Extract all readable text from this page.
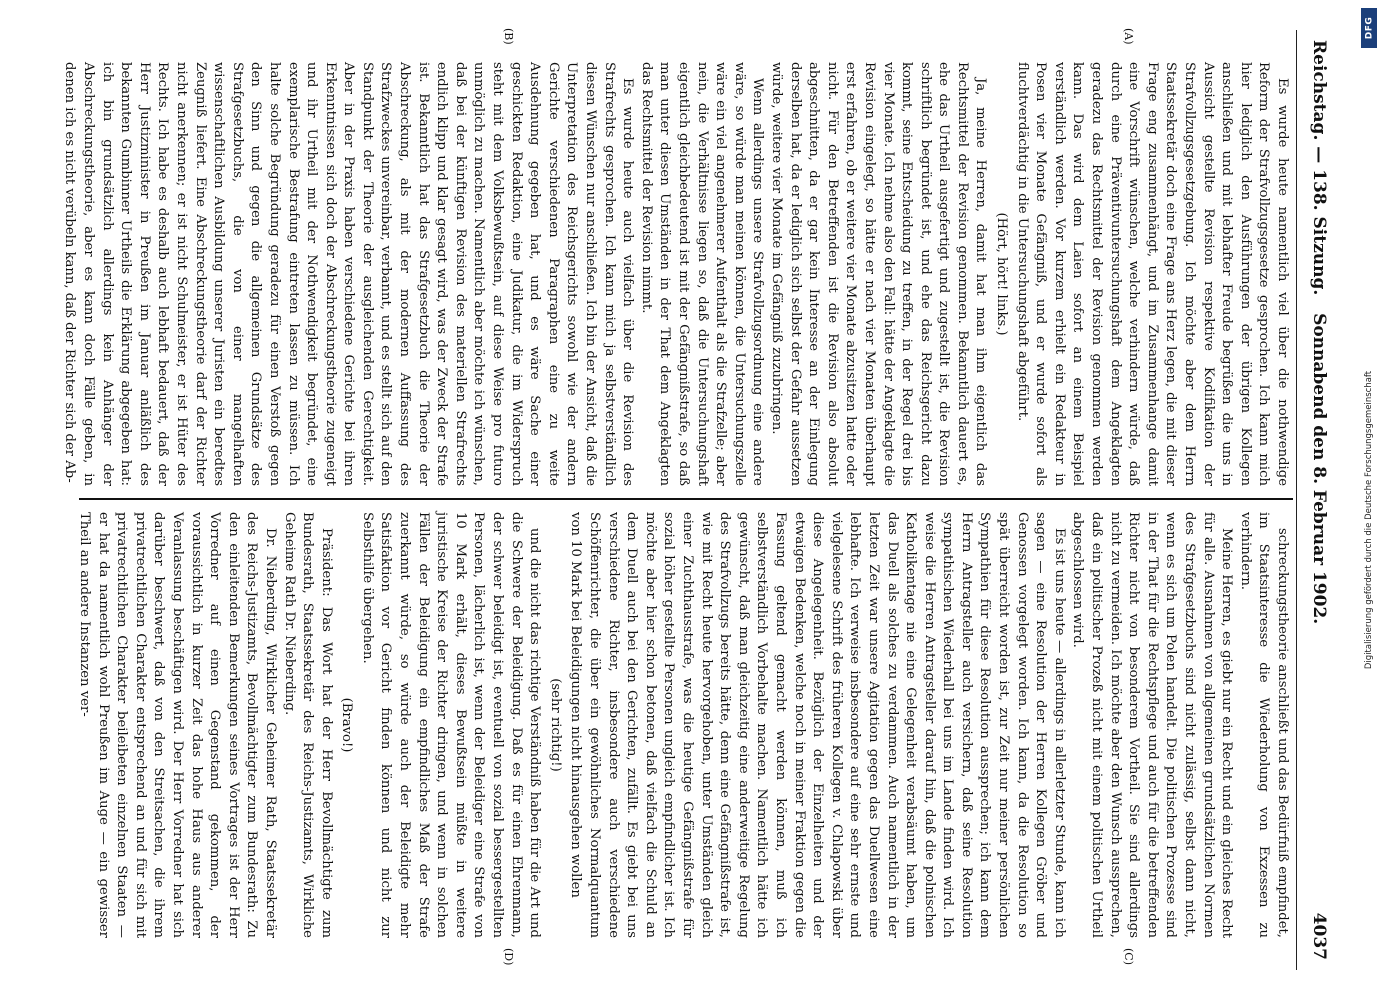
Reichstag. — 138. Sitzung.   Sonnabend den 8. Februar 1902.
4037
(A)
(B)
(C)
(D)

Es wurde heute namentlich viel über die nothwendige Reform der Strafvollzugsgesetze gesprochen. Ich kann mich hier lediglich den Ausführungen der übrigen Kollegen anschließen und mit lebhafter Freude begrüßen die uns in Aussicht gestellte Revision respektive Kodifikation der Strafvollzugsgesetzgebung. Ich möchte aber dem Herrn Staatssekretär doch eine Frage ans Herz legen, die mit dieser Frage eng zusammenhängt, und im Zusammenhange damit eine Vorschrift wünschen, welche verhindern würde, daß durch eine Präventivuntersuchungshaft dem Angeklagten geradezu das Rechtsmittel der Revision genommen werden kann. Das wird dem Laien sofort an einem Beispiel verständlich werden. Vor kurzem erhielt ein Redakteur in Posen vier Monate Gefängniß, und er wurde sofort als fluchtverdächtig in die Untersuchungshaft abgeführt.

(Hört, hört! links.)

Ja, meine Herren, damit hat man ihm eigentlich das Rechtsmittel der Revision genommen. Bekanntlich dauert es, ehe das Urtheil ausgefertigt und zugestellt ist, die Revision schriftlich begründet ist, und ehe das Reichsgericht dazu kommt, seine Entscheidung zu treffen, in der Regel drei bis vier Monate. Ich nehme also den Fall: hätte der Angeklagte die Revision eingelegt, so hätte er nach vier Monaten überhaupt erst erfahren, ob er weitere vier Monate abzusitzen hatte oder nicht. Für den Betreffenden ist die Revision also absolut abgeschnitten, da er gar kein Interesse an der Einlegung derselben hat, da er lediglich sich selbst der Gefahr aussetzen würde, weitere vier Monate im Gefängniß zuzubringen.

Wenn allerdings unsere Strafvollzugsordnung eine andere wäre, so würde man meinen können, die Untersuchungszelle wäre ein viel angenehmerer Aufenthalt als die Strafzelle; aber nein, die Verhältnisse liegen so, daß die Untersuchungshaft eigentlich gleichbedeutend ist mit der Gefängnißstrafe, so daß man unter diesen Umständen in der That dem Angeklagten das Rechtsmittel der Revision nimmt.

Es wurde heute auch vielfach über die Revision des Strafrechts gesprochen. Ich kann mich ja selbstverständlich diesen Wünschen nur anschließen. Ich bin der Ansicht, daß die Unterpretation des Reichsgerichts sowohl wie der andern Gerichte verschiedenen Paragraphen eine zu weite Ausdehnung gegeben hat, und es wäre Sache einer geschickten Redaktion, eine Judikatur, die im Widerspruch steht mit dem Volksbewußtsein, auf diese Weise pro futuro unmöglich zu machen. Namentlich aber möchte ich wünschen, daß bei der künftigen Revision des materiellen Strafrechts endlich klipp und klar gesagt wird, was der Zweck der Strafe ist. Bekanntlich hat das Strafgesetzbuch die Theorie der Abschreckung, als mit der modernen Auffassung des Strafzweckes unvereinbar, verbannt, und es stellt sich auf den Standpunkt der Theorie der ausgleichenden Gerechtigkeit. Aber in der Praxis haben verschiedene Gerichte bei ihren Erkenntnissen sich doch der Abschreckungstheorie zugeneigt und ihr Urtheil mit der Nothwendigkeit begründet, eine exemplarische Bestrafung eintreten lassen zu müssen. Ich halte solche Begründung geradezu für einen Verstoß gegen den Sinn und gegen die allgemeinen Grundsätze des Strafgesetzbuchs, die von einer mangelhaften wissenschaftlichen Ausbildung unserer Juristen ein beredtes Zeugniß liefert. Eine Abschreckungstheorie darf der Richter nicht anerkennen; er ist nicht Schulmeister, er ist Hüter des Rechts. Ich habe es deshalb auch lebhaft bedauert, daß der Herr Justizminister in Preußen im Januar anläßlich des bekannten Gumbinner Urtheils die Erklärung abgegeben hat: ich bin grundsätzlich allerdings kein Anhänger der Abschreckungstheorie, aber es kann doch Fälle geben, in denen ich es nicht verübeln kann, daß der Richter sich der Ab-

schreckungstheorie anschließt und das Bedürfniß empfindet, im Staatsinteresse die Wiederholung von Exzessen zu verhindern.

Meine Herren, es giebt nur ein Recht und ein gleiches Recht für alle. Ausnahmen von allgemeinen grundsätzlichen Normen des Strafgesetzbuchs sind nicht zulässig, selbst dann nicht, wenn es sich um Polen handelt. Die politischen Prozesse sind in der That für die Rechtspflege und auch für die betreffenden Richter nicht von besonderem Vortheil. Sie sind allerdings nicht zu vermeiden. Ich möchte aber den Wunsch aussprechen, daß ein politischer Prozeß nicht mit einem politischen Urtheil abgeschlossen wird.

Es ist uns heute — allerdings in allerletzter Stunde, kann ich sagen — eine Resolution der Herren Kollegen Gröber und Genossen vorgelegt worden. Ich kann, da die Resolution so spät überreicht worden ist, zur Zeit nur meiner persönlichen Sympathien für diese Resolution aussprechen; ich kann dem Herrn Antragsteller auch versichern, daß seine Resolution sympathischen Wiederhall bei uns im Lande finden wird. Ich weise die Herren Antragsteller darauf hin, daß die polnischen Katholikentage nie eine Gelegenheit verabsäumt haben, um das Duell als solches zu verdammen. Auch namentlich in der letzten Zeit war unsere Agitation gegen das Duellwesen eine lebhafte. Ich verweise insbesondere auf eine sehr ernste und vielgelesene Schrift des früheren Kollegen v. Chlapowski über diese Angelegenheit. Bezüglich der Einzelheiten und der etwaigen Bedenken, welche noch in meiner Fraktion gegen die Fassung geltend gemacht werden können, muß ich selbstverständlich Vorbehalte machen. Namentlich hätte ich gewünscht, daß man gleichzeitig eine anderweitige Regelung des Strafvollzugs bereits hätte, denn eine Gefängnißstrafe ist, wie mit Recht heute hervorgehoben, unter Umständen gleich einer Zuchthausstrafe, was die heutige Gefängnißstrafe für sozial höher gestellte Personen ungleich empfindlicher ist. Ich möchte aber hier schon betonen, daß vielfach die Schuld an dem Duell auch bei den Gerichten, zufällt. Es giebt bei uns verschiedene Richter, insbesondere auch verschiedene Schöffenrichter, die über ein gewöhnliches Normalquantum von 10 Mark bei Beleidigungen nicht hinausgehen wollen

(sehr richtig!)

und die nicht das richtige Verständniß haben für die Art und die Schwere der Beleidigung. Daß es für einen Ehrenmann, der schwer beleidigt ist, eventuell von sozial bessergestellten Personen, lächerlich ist, wenn der Beleidiger eine Strafe von 10 Mark erhält, dieses Bewußtsein müßte in weitere juristische Kreise der Richter dringen, und wenn in solchen Fällen der Beleidigung ein empfindliches Maß der Strafe zuerkannt würde, so würde auch der Beleidigte mehr Satisfaktion vor Gericht finden können und nicht zur Selbsthilfe übergehen.

(Bravo!)

Präsident: Das Wort hat der Herr Bevollmächtigte zum Bundesrath, Staatssekretär des Reichs-Justizamts, Wirkliche Geheime Rath Dr. Nieberding.

Dr. Nieberding, Wirklicher Geheimer Rath, Staatssekretär des Reichs-Justizamts, Bevollmächtigter zum Bundesrath: Zu den einleitenden Bemerkungen seines Vortrages ist der Herr Vorredner auf einen Gegenstand gekommen, der voraussichtlich in kurzer Zeit das hohe Haus aus anderer Veranlassung beschäftigen wird. Der Herr Vorredner hat sich darüber beschwert, daß von den Streitsachen, die ihrem privatrechtlichen Charakter entsprechend an und für sich mit privatrechtlichen Charakter beileibeten einzelnen Staaten — er hat da namentlich wohl Preußen im Auge — ein gewisser Theil an andere Instanzen ver-

DFG
Digitalisierung gefördert durch die Deutsche Forschungsgemeinschaft
